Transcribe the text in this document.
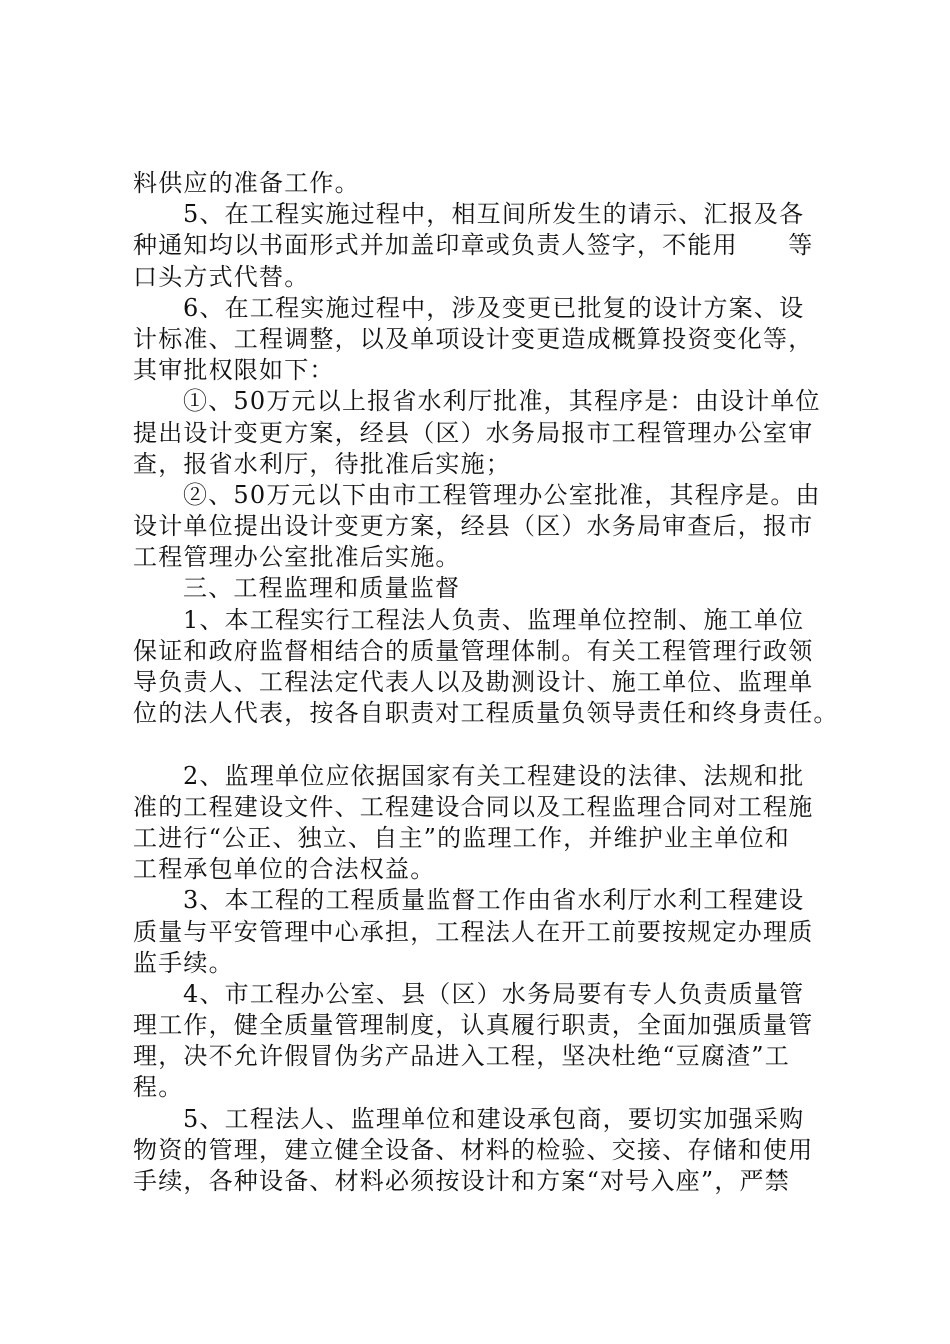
料供应的准备工作。
5、在工程实施过程中，相互间所发生的请示、汇报及各
种通知均以书面形式并加盖印章或负责人签字，不能用　　等
口头方式代替。
6、在工程实施过程中，涉及变更已批复的设计方案、设
计标准、工程调整，以及单项设计变更造成概算投资变化等，
其审批权限如下：
①、50万元以上报省水利厅批准，其程序是：由设计单位
提出设计变更方案，经县（区）水务局报市工程管理办公室审
查，报省水利厅，待批准后实施；
②、50万元以下由市工程管理办公室批准，其程序是。由
设计单位提出设计变更方案，经县（区）水务局审查后，报市
工程管理办公室批准后实施。
三、工程监理和质量监督
1、本工程实行工程法人负责、监理单位控制、施工单位
保证和政府监督相结合的质量管理体制。有关工程管理行政领
导负责人、工程法定代表人以及勘测设计、施工单位、监理单
位的法人代表，按各自职责对工程质量负领导责任和终身责任。
2、监理单位应依据国家有关工程建设的法律、法规和批
准的工程建设文件、工程建设合同以及工程监理合同对工程施
工进行“公正、独立、自主”的监理工作，并维护业主单位和
工程承包单位的合法权益。
3、本工程的工程质量监督工作由省水利厅水利工程建设
质量与平安管理中心承担，工程法人在开工前要按规定办理质
监手续。
4、市工程办公室、县（区）水务局要有专人负责质量管
理工作，健全质量管理制度，认真履行职责，全面加强质量管
理，决不允许假冒伪劣产品进入工程，坚决杜绝“豆腐渣”工
程。
5、工程法人、监理单位和建设承包商，要切实加强采购
物资的管理，建立健全设备、材料的检验、交接、存储和使用
手续，各种设备、材料必须按设计和方案“对号入座”，严禁
